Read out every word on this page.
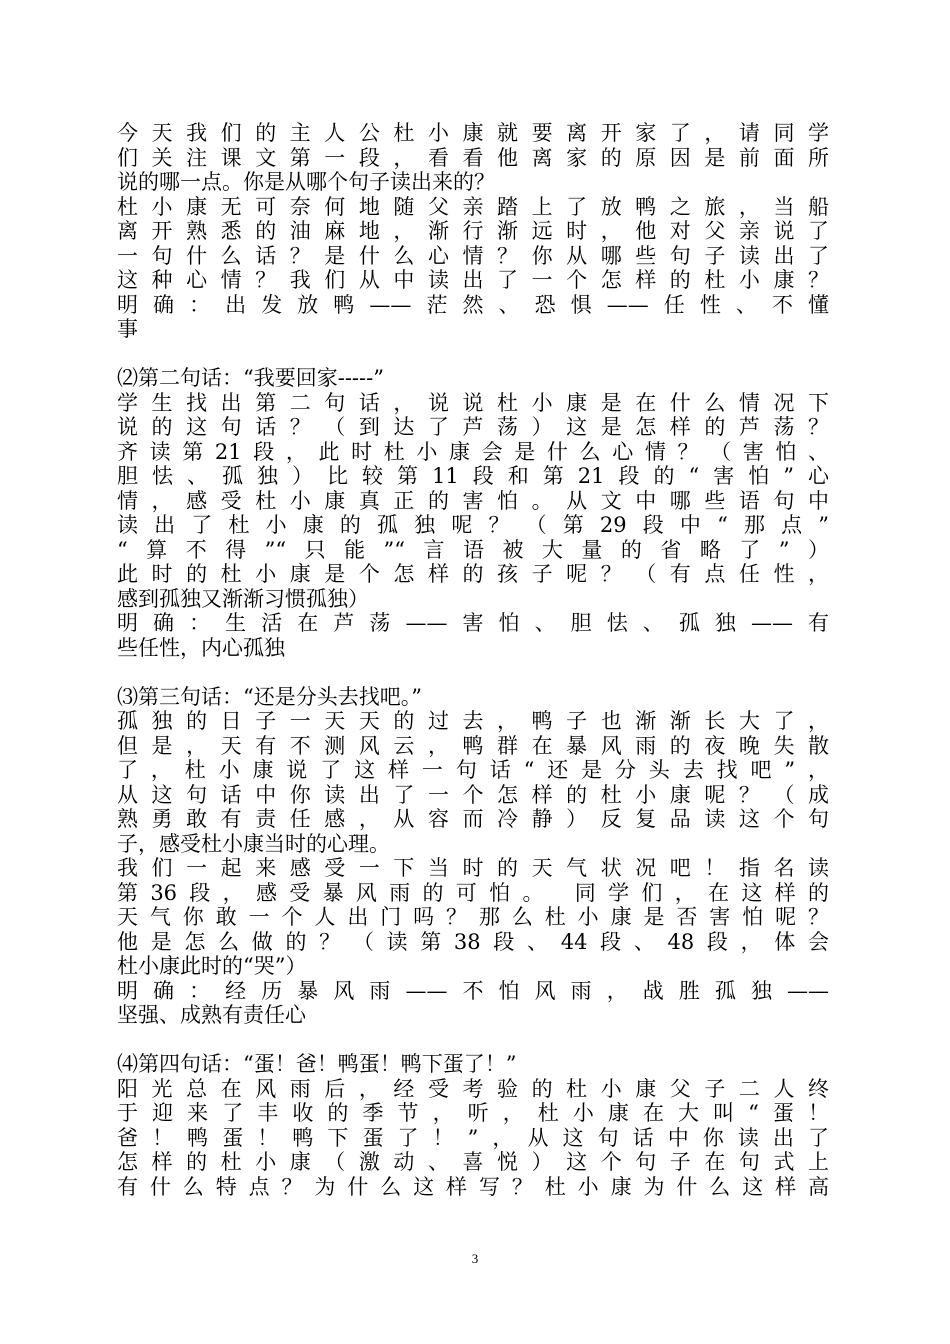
今天我们的主人公杜小康就要离开家了，请同学
们关注课文第一段，看看他离家的原因是前面所
说的哪一点。你是从哪个句子读出来的？
杜小康无可奈何地随父亲踏上了放鸭之旅，当船
离开熟悉的油麻地，渐行渐远时，他对父亲说了
一句什么话？是什么心情？你从哪些句子读出了
这种心情？我们从中读出了一个怎样的杜小康？
明确：出发放鸭——茫然、恐惧——任性、不懂
事
⑵第二句话：“我要回家-----”
学生找出第二句话，说说杜小康是在什么情况下
说的这句话？（到达了芦荡）这是怎样的芦荡？
齐读第21段，此时杜小康会是什么心情？（害怕、
胆怯、孤独）比较第11段和第21段的“害怕”心
情，感受杜小康真正的害怕。从文中哪些语句中
读出了杜小康的孤独呢？（第29段中“那点”
“算不得”“只能”“言语被大量的省略了”）
此时的杜小康是个怎样的孩子呢？（有点任性，
感到孤独又渐渐习惯孤独）
明确：生活在芦荡——害怕、胆怯、孤独——有
些任性，内心孤独
⑶第三句话：“还是分头去找吧。”
孤独的日子一天天的过去，鸭子也渐渐长大了，
但是，天有不测风云，鸭群在暴风雨的夜晚失散
了，杜小康说了这样一句话“还是分头去找吧”，
从这句话中你读出了一个怎样的杜小康呢？（成
熟勇敢有责任感，从容而冷静）反复品读这个句
子，感受杜小康当时的心理。
我们一起来感受一下当时的天气状况吧！指名读
第36段，感受暴风雨的可怕。 同学们，在这样的
天气你敢一个人出门吗？那么杜小康是否害怕呢？
他是怎么做的？（读第38段、44段、48段，体会
杜小康此时的“哭”）
明确：经历暴风雨——不怕风雨，战胜孤独——
坚强、成熟有责任心
⑷第四句话：“蛋！爸！鸭蛋！鸭下蛋了！”
阳光总在风雨后，经受考验的杜小康父子二人终
于迎来了丰收的季节，听，杜小康在大叫“蛋！
爸！鸭蛋！鸭下蛋了！”，从这句话中你读出了
怎样的杜小康（激动、喜悦）这个句子在句式上
有什么特点？为什么这样写？杜小康为什么这样高
3
